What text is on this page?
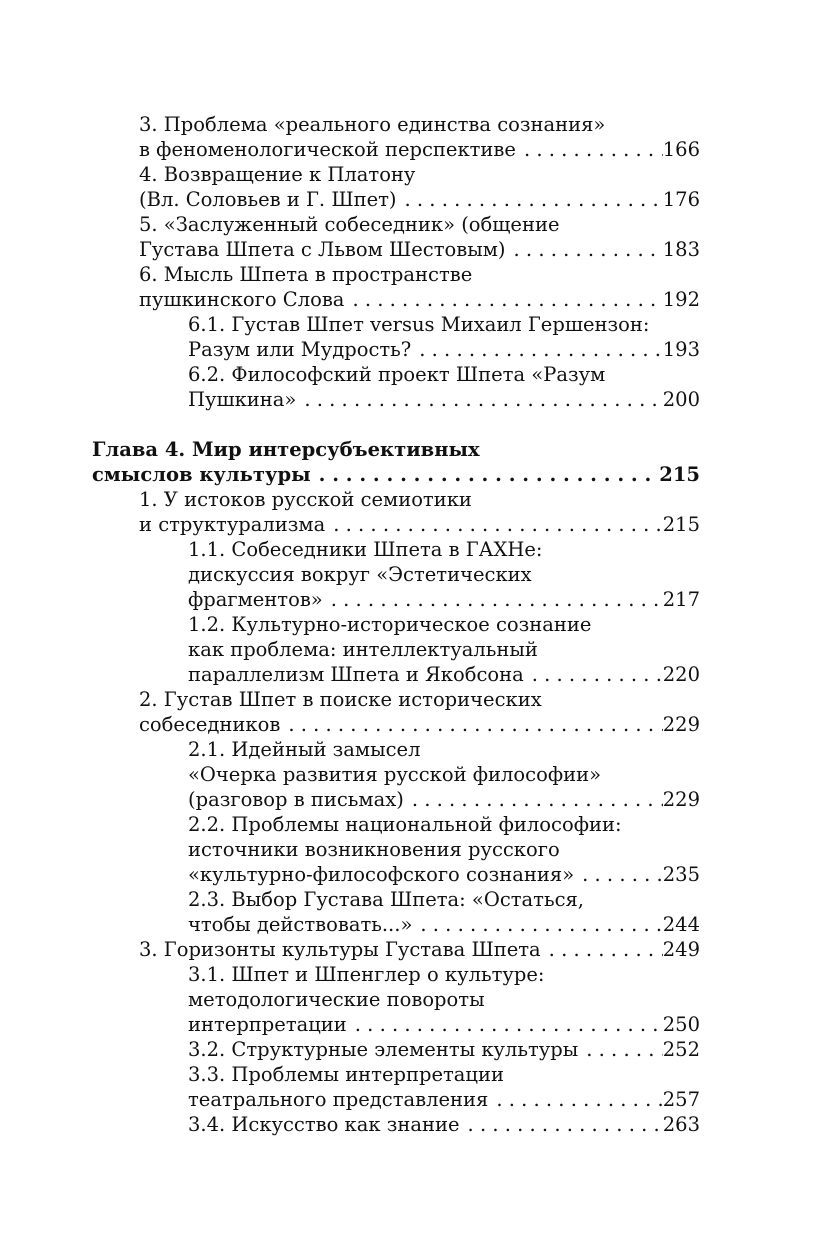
3. Проблема «реального единства сознания»
в феноменологической перспективе . . .	166
4. Возвращение к Платону
(Вл. Соловьев и Г. Шпет) . . .	176
5. «Заслуженный собеседник» (общение
Густава Шпета с Львом Шестовым) . . .	183
6. Мысль Шпета в пространстве
пушкинского Слова . . .	192
6.1. Густав Шпет versus Михаил Гершензон:
Разум или Мудрость? . . .	193
6.2. Философский проект Шпета «Разум
Пушкина» . . .	200
Глава 4. Мир интерсубъективных
смыслов культуры . . .	215
1. У истоков русской семиотики
и структурализма . . .	215
1.1. Собеседники Шпета в ГАХНе:
дискуссия вокруг «Эстетических
фрагментов» . . .	217
1.2. Культурно-историческое сознание
как проблема: интеллектуальный
параллелизм Шпета и Якобсона . . .	220
2. Густав Шпет в поиске исторических
собеседников . . .	229
2.1. Идейный замысел
«Очерка развития русской философии»
(разговор в письмах) . . .	229
2.2. Проблемы национальной философии:
источники возникновения русского
«культурно-философского сознания» . . .	235
2.3. Выбор Густава Шпета: «Остаться,
чтобы действовать...» . . .	244
3. Горизонты культуры Густава Шпета . . .	249
3.1. Шпет и Шпенглер о культуре:
методологические повороты
интерпретации . . .	250
3.2. Структурные элементы культуры . . .	252
3.3. Проблемы интерпретации
театрального представления . . .	257
3.4. Искусство как знание . . .	263
